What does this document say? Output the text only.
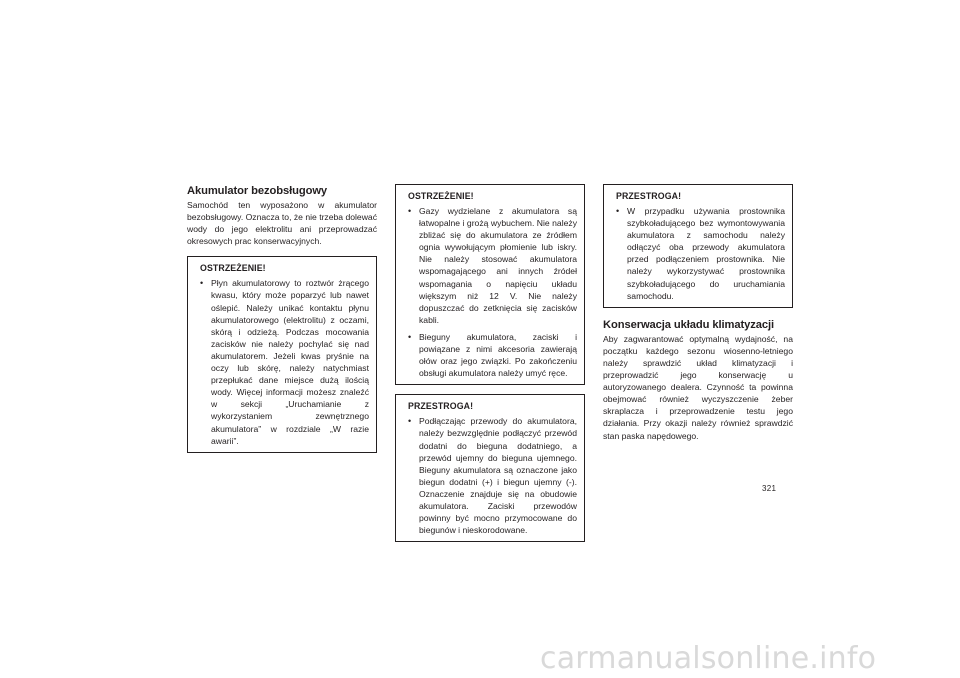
Akumulator bezobsługowy

Samochód ten wyposażono w akumulator bezobsługowy. Oznacza to, że nie trzeba dolewać wody do jego elektrolitu ani przeprowadzać okresowych prac konserwacyjnych.

OSTRZEŻENIE!
• Płyn akumulatorowy to roztwór żrącego kwasu, który może poparzyć lub nawet oślepić. Należy unikać kontaktu płynu akumulatorowego (elektrolitu) z oczami, skórą i odzieżą. Podczas mocowania zacisków nie należy pochylać się nad akumulatorem. Jeżeli kwas pryśnie na oczy lub skórę, należy natychmiast przepłukać dane miejsce dużą ilością wody. Więcej informacji możesz znaleźć w sekcji „Uruchamianie z wykorzystaniem zewnętrznego akumulatora” w rozdziale „W razie awarii”.
OSTRZEŻENIE!
• Gazy wydzielane z akumulatora są łatwopalne i grożą wybuchem. Nie należy zbliżać się do akumulatora ze źródłem ognia wywołującym płomienie lub iskry. Nie należy stosować akumulatora wspomagającego ani innych źródeł wspomagania o napięciu układu większym niż 12 V. Nie należy dopuszczać do zetknięcia się zacisków kabli.
• Bieguny akumulatora, zaciski i powiązane z nimi akcesoria zawierają ołów oraz jego związki. Po zakończeniu obsługi akumulatora należy umyć ręce.
PRZESTROGA!
• Podłączając przewody do akumulatora, należy bezwzględnie podłączyć przewód dodatni do bieguna dodatniego, a przewód ujemny do bieguna ujemnego. Bieguny akumulatora są oznaczone jako biegun dodatni (+) i biegun ujemny (-). Oznaczenie znajduje się na obudowie akumulatora. Zaciski przewodów powinny być mocno przymocowane do biegunów i nieskorodowane.
PRZESTROGA!
• W przypadku używania prostownika szybkoładującego bez wymontowywania akumulatora z samochodu należy odłączyć oba przewody akumulatora przed podłączeniem prostownika. Nie należy wykorzystywać prostownika szybkoładującego do uruchamiania samochodu.
Konserwacja układu klimatyzacji

Aby zagwarantować optymalną wydajność, na początku każdego sezonu wiosenno-letniego należy sprawdzić układ klimatyzacji i przeprowadzić jego konserwację u autoryzowanego dealera. Czynność ta powinna obejmować również wyczyszczenie żeber skraplacza i przeprowadzenie testu jego działania. Przy okazji należy również sprawdzić stan paska napędowego.

321
carmanualsonline.info
